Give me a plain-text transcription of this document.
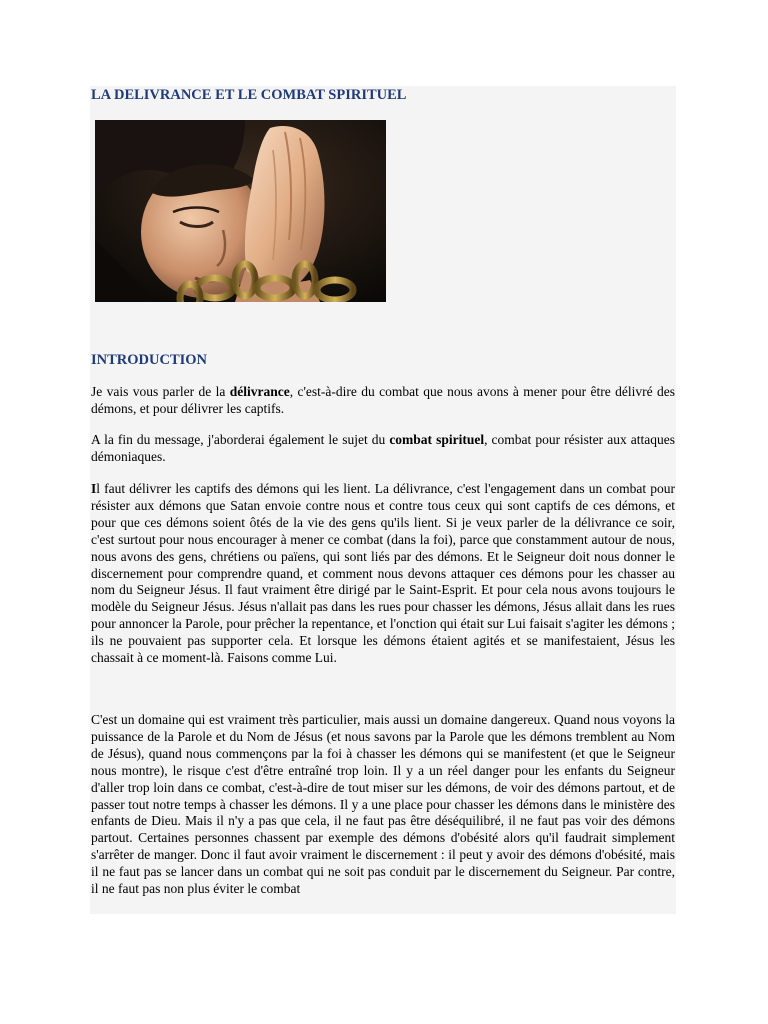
LA DELIVRANCE ET LE COMBAT SPIRITUEL
INTRODUCTION

Je vais vous parler de la délivrance, c'est-à-dire du combat que nous avons à mener pour être délivré des démons, et pour délivrer les captifs.

A la fin du message, j'aborderai également le sujet du combat spirituel, combat pour résister aux attaques démoniaques.

Il faut délivrer les captifs des démons qui les lient. La délivrance, c'est l'engagement dans un combat pour résister aux démons que Satan envoie contre nous et contre tous ceux qui sont captifs de ces démons, et pour que ces démons soient ôtés de la vie des gens qu'ils lient. Si je veux parler de la délivrance ce soir, c'est surtout pour nous encourager à mener ce combat (dans la foi), parce que constamment autour de nous, nous avons des gens, chrétiens ou païens, qui sont liés par des démons. Et le Seigneur doit nous donner le discernement pour comprendre quand, et comment nous devons attaquer ces démons pour les chasser au nom du Seigneur Jésus. Il faut vraiment être dirigé par le Saint-Esprit. Et pour cela nous avons toujours le modèle du Seigneur Jésus. Jésus n'allait pas dans les rues pour chasser les démons, Jésus allait dans les rues pour annoncer la Parole, pour prêcher la repentance, et l'onction qui était sur Lui faisait s'agiter les démons ; ils ne pouvaient pas supporter cela. Et lorsque les démons étaient agités et se manifestaient, Jésus les chassait à ce moment-là. Faisons comme Lui.

C'est un domaine qui est vraiment très particulier, mais aussi un domaine dangereux. Quand nous voyons la puissance de la Parole et du Nom de Jésus (et nous savons par la Parole que les démons tremblent au Nom de Jésus), quand nous commençons par la foi à chasser les démons qui se manifestent (et que le Seigneur nous montre), le risque c'est d'être entraîné trop loin. Il y a un réel danger pour les enfants du Seigneur d'aller trop loin dans ce combat, c'est-à-dire de tout miser sur les démons, de voir des démons partout, et de passer tout notre temps à chasser les démons. Il y a une place pour chasser les démons dans le ministère des enfants de Dieu. Mais il n'y a pas que cela, il ne faut pas être déséquilibré, il ne faut pas voir des démons partout. Certaines personnes chassent par exemple des démons d'obésité alors qu'il faudrait simplement s'arrêter de manger. Donc il faut avoir vraiment le discernement : il peut y avoir des démons d'obésité, mais il ne faut pas se lancer dans un combat qui ne soit pas conduit par le discernement du Seigneur. Par contre, il ne faut pas non plus éviter le combat
